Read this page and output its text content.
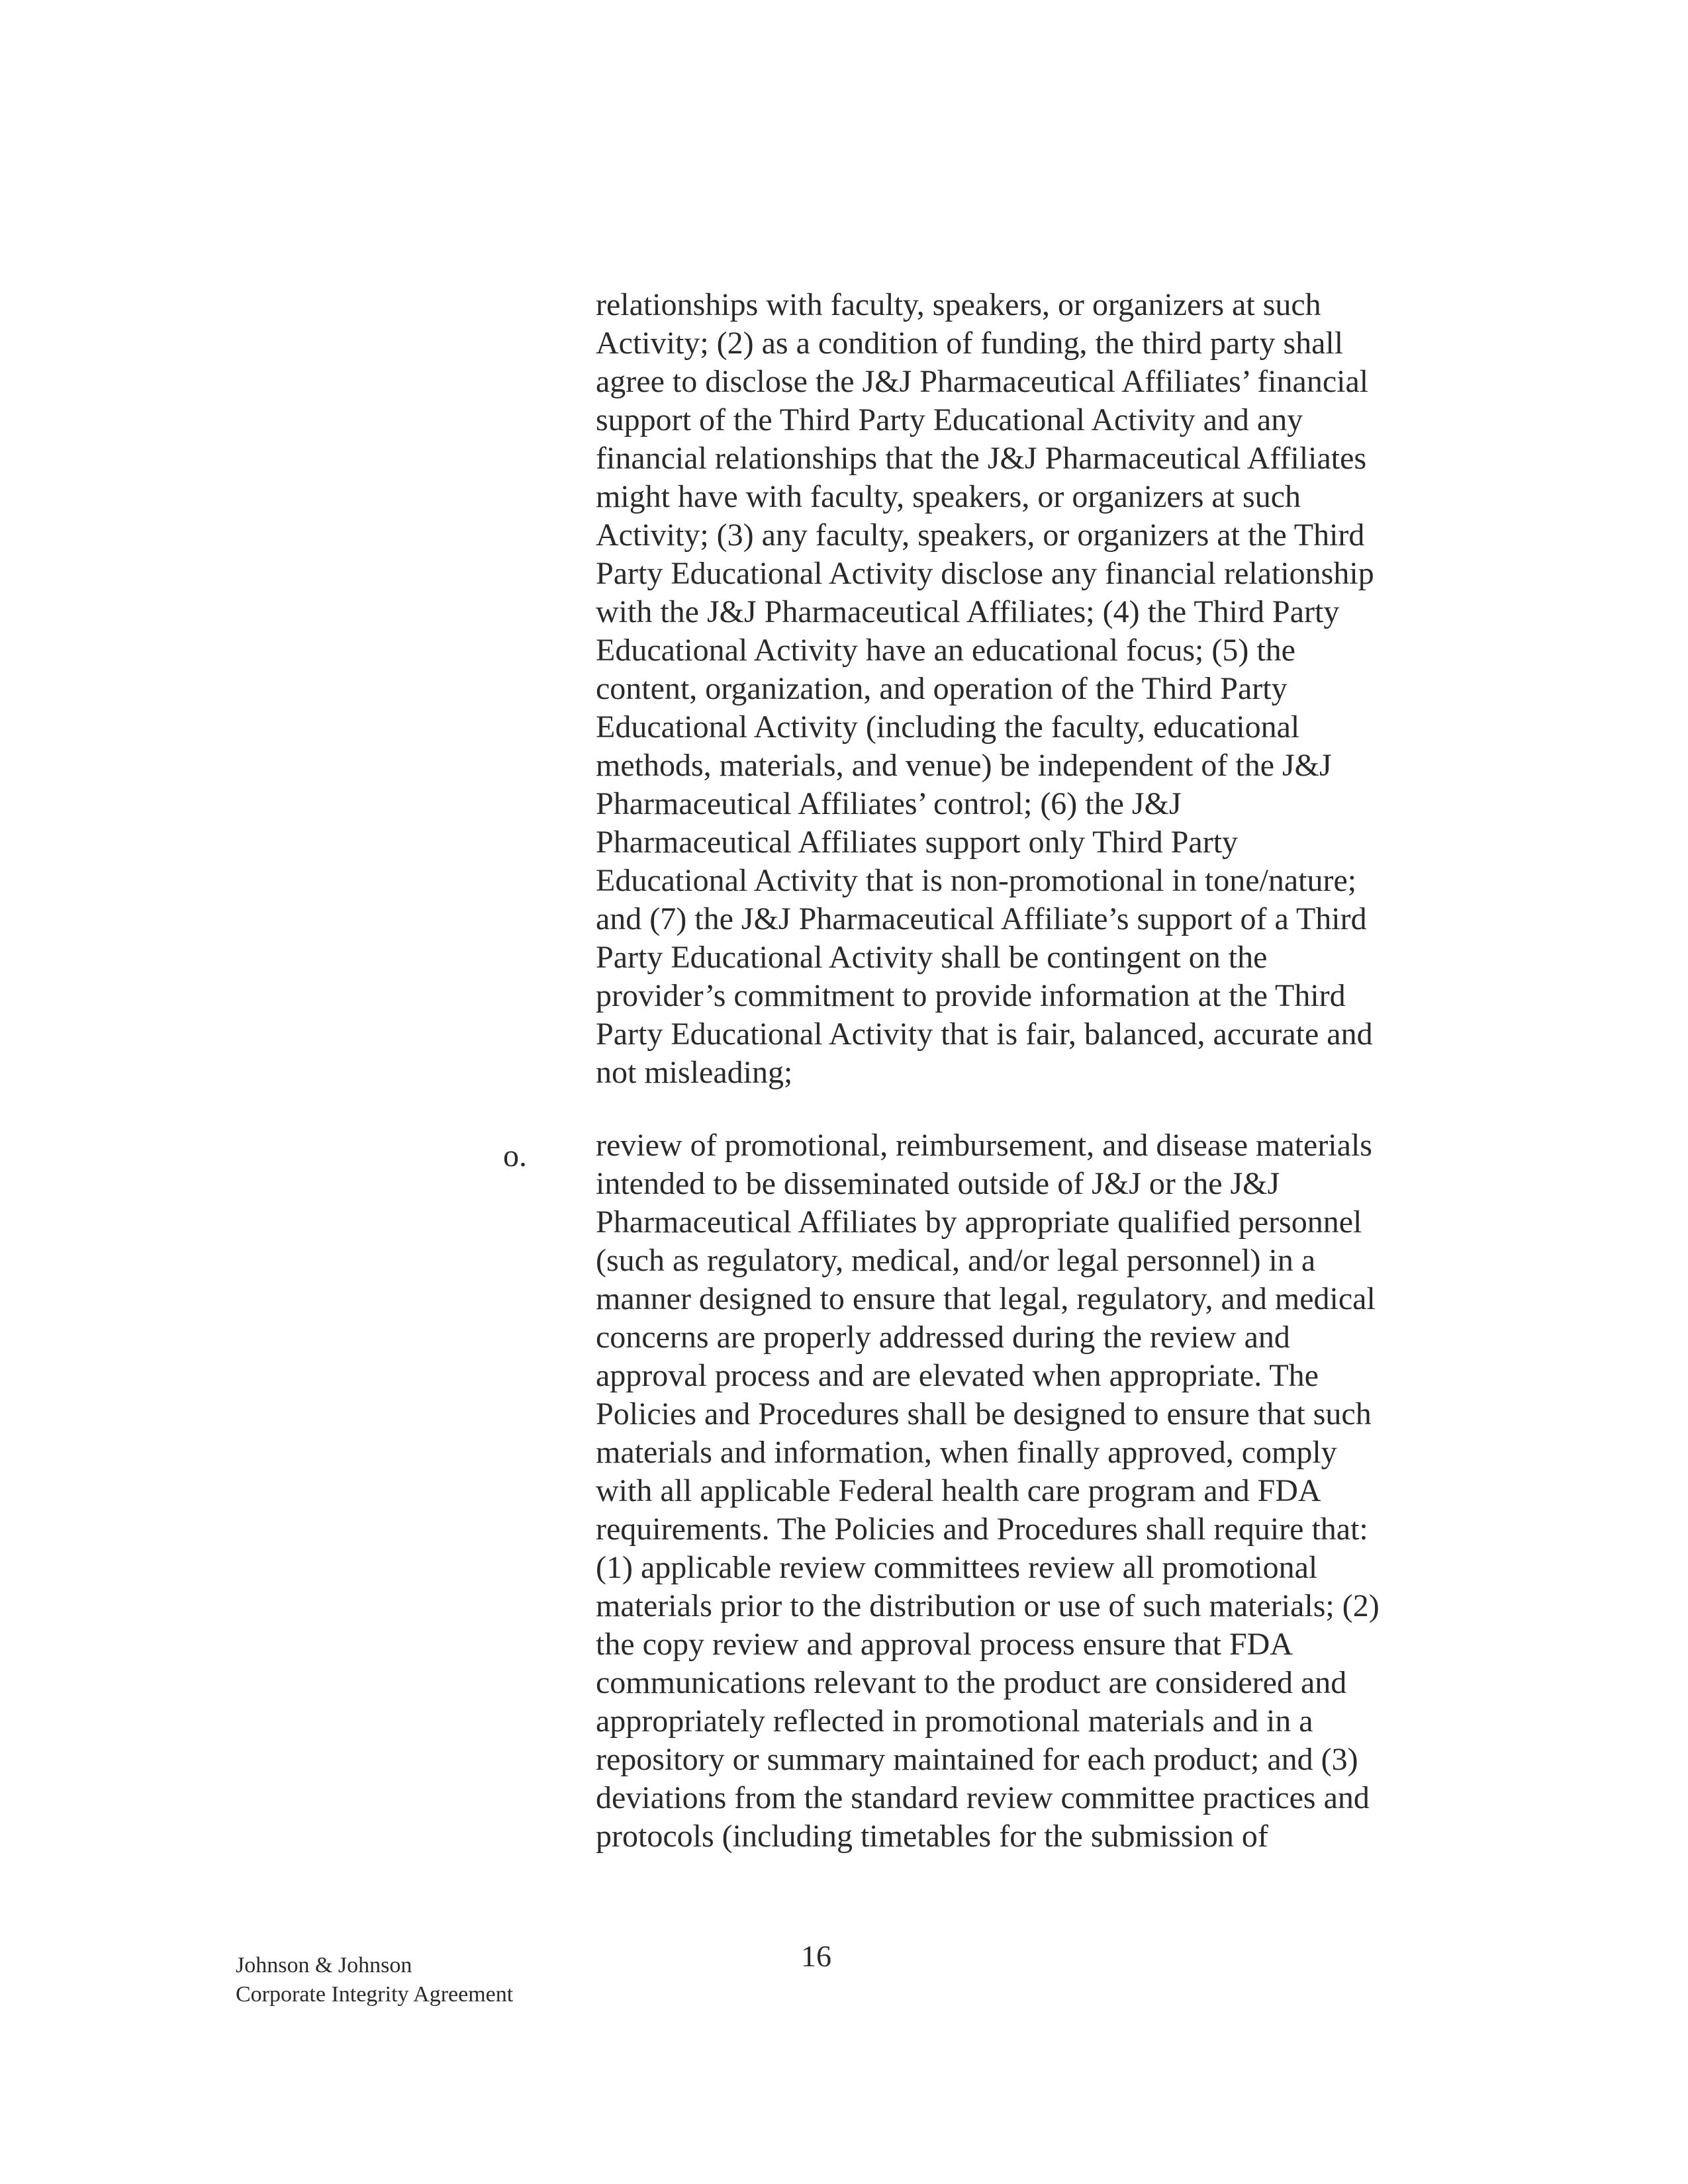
relationships with faculty, speakers, or organizers at such
Activity; (2) as a condition of funding, the third party shall
agree to disclose the J&J Pharmaceutical Affiliates’ financial
support of the Third Party Educational Activity and any
financial relationships that the J&J Pharmaceutical Affiliates
might have with faculty, speakers, or organizers at such
Activity; (3) any faculty, speakers, or organizers at the Third
Party Educational Activity disclose any financial relationship
with the J&J Pharmaceutical Affiliates; (4) the Third Party
Educational Activity have an educational focus; (5) the
content, organization, and operation of the Third Party
Educational Activity (including the faculty, educational
methods, materials, and venue) be independent of the J&J
Pharmaceutical Affiliates’ control; (6) the J&J
Pharmaceutical Affiliates support only Third Party
Educational Activity that is non-promotional in tone/nature;
and (7) the J&J Pharmaceutical Affiliate’s support of a Third
Party Educational Activity shall be contingent on the
provider’s commitment to provide information at the Third
Party Educational Activity that is fair, balanced, accurate and
not misleading;
o. review of promotional, reimbursement, and disease materials
intended to be disseminated outside of J&J or the J&J
Pharmaceutical Affiliates by appropriate qualified personnel
(such as regulatory, medical, and/or legal personnel) in a
manner designed to ensure that legal, regulatory, and medical
concerns are properly addressed during the review and
approval process and are elevated when appropriate. The
Policies and Procedures shall be designed to ensure that such
materials and information, when finally approved, comply
with all applicable Federal health care program and FDA
requirements. The Policies and Procedures shall require that:
(1) applicable review committees review all promotional
materials prior to the distribution or use of such materials; (2)
the copy review and approval process ensure that FDA
communications relevant to the product are considered and
appropriately reflected in promotional materials and in a
repository or summary maintained for each product; and (3)
deviations from the standard review committee practices and
protocols (including timetables for the submission of
Johnson & Johnson
Corporate Integrity Agreement
16
